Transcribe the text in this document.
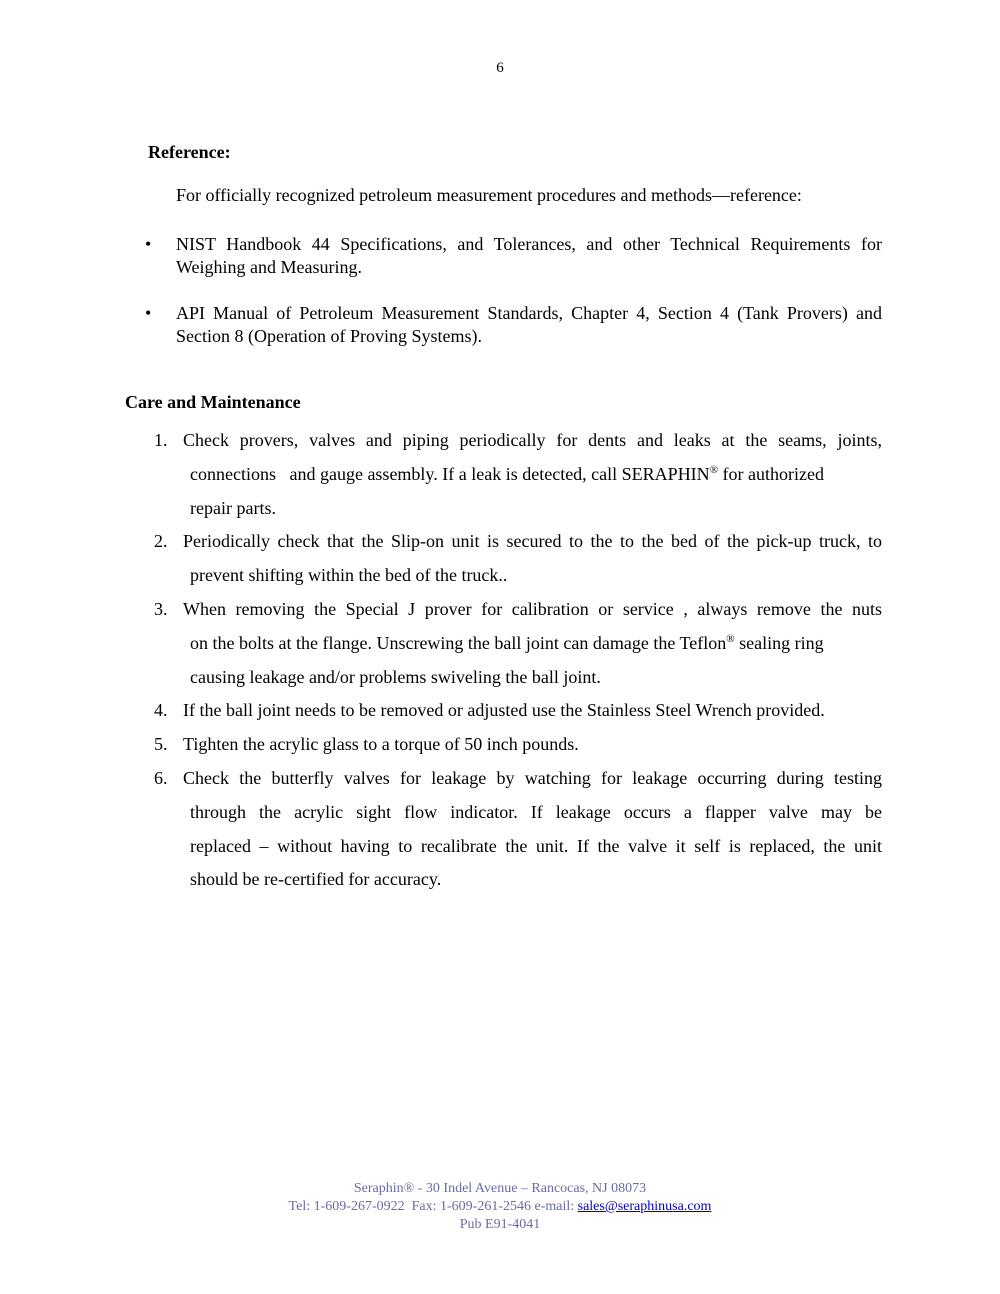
6
Reference:
For officially recognized petroleum measurement procedures and methods—reference:
•	NIST Handbook 44 Specifications, and Tolerances, and other Technical Requirements for Weighing and Measuring.
•	API Manual of Petroleum Measurement Standards, Chapter 4, Section 4 (Tank Provers) and Section 8 (Operation of Proving Systems).
Care and Maintenance
1. Check provers, valves and piping periodically for dents and leaks at the seams, joints,
connections   and gauge assembly. If a leak is detected, call SERAPHIN® for authorized
repair parts.
2. Periodically check that the Slip-on unit is secured to the to the bed of the pick-up truck, to
prevent shifting within the bed of the truck..
3. When removing the Special J prover for calibration or service , always remove the nuts
on the bolts at the flange. Unscrewing the ball joint can damage the Teflon® sealing ring
causing leakage and/or problems swiveling the ball joint.
4. If the ball joint needs to be removed or adjusted use the Stainless Steel Wrench provided.
5. Tighten the acrylic glass to a torque of 50 inch pounds.
6. Check the butterfly valves for leakage by watching for leakage occurring during testing
through the acrylic sight flow indicator. If leakage occurs a flapper valve may be
replaced – without having to recalibrate the unit. If the valve it self is replaced, the unit
should be re-certified for accuracy.
Seraphin® - 30 Indel Avenue – Rancocas, NJ 08073
Tel: 1-609-267-0922  Fax: 1-609-261-2546 e-mail: sales@seraphinusa.com
Pub E91-4041
